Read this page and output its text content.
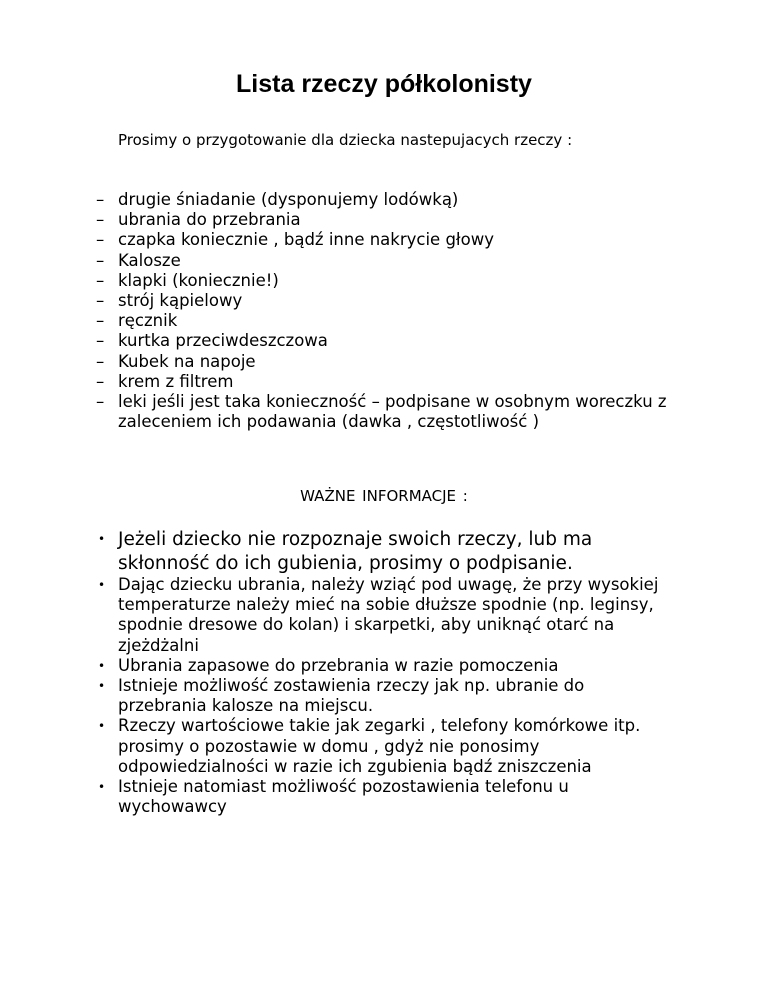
Lista rzeczy półkolonisty

Prosimy o przygotowanie dla dziecka nastepujacych rzeczy :

– drugie śniadanie (dysponujemy lodówką)
– ubrania do przebrania
– czapka koniecznie , bądź inne nakrycie głowy
– Kalosze
– klapki (koniecznie!)
– strój kąpielowy
– ręcznik
– kurtka przeciwdeszczowa
– Kubek na napoje
– krem z filtrem
– leki jeśli jest taka konieczność – podpisane w osobnym woreczku z zaleceniem ich podawania (dawka , częstotliwość )

WAŻNE INFORMACJE :

• Jeżeli dziecko nie rozpoznaje swoich rzeczy, lub ma skłonność do ich gubienia, prosimy o podpisanie.
• Dając dziecku ubrania, należy wziąć pod uwagę, że przy wysokiej temperaturze należy mieć na sobie dłuższe spodnie (np. leginsy, spodnie dresowe do kolan) i skarpetki, aby uniknąć otarć na zjeżdżalni
• Ubrania zapasowe do przebrania w razie pomoczenia
• Istnieje możliwość zostawienia rzeczy jak np. ubranie do przebrania kalosze na miejscu.
• Rzeczy wartościowe takie jak zegarki , telefony komórkowe itp. prosimy o pozostawie w domu , gdyż nie ponosimy odpowiedzialności w razie ich zgubienia bądź zniszczenia
• Istnieje natomiast możliwość pozostawienia telefonu u wychowawcy
